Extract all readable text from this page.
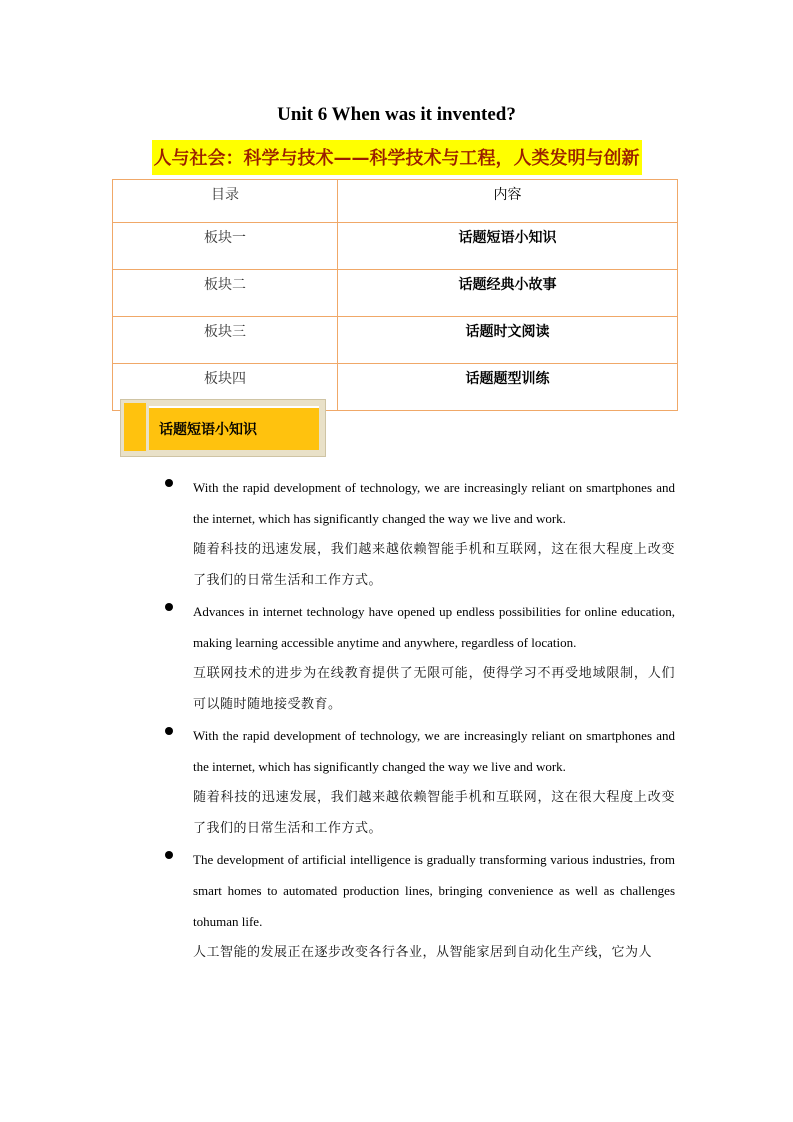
Unit 6 When was it invented?
人与社会：科学与技术——科学技术与工程，人类发明与创新
目录	内容
板块一	话题短语小知识
板块二	话题经典小故事
板块三	话题时文阅读
板块四	话题题型训练
话题短语小知识
With the rapid development of technology, we are increasingly reliant on smartphones and the internet, which has significantly changed the way we live and work.
随着科技的迅速发展，我们越来越依赖智能手机和互联网，这在很大程度上改变了我们的日常生活和工作方式。
Advances in internet technology have opened up endless possibilities for online education, making learning accessible anytime and anywhere, regardless of location.
互联网技术的进步为在线教育提供了无限可能，使得学习不再受地域限制，人们可以随时随地接受教育。
With the rapid development of technology, we are increasingly reliant on smartphones and the internet, which has significantly changed the way we live and work.
随着科技的迅速发展，我们越来越依赖智能手机和互联网，这在很大程度上改变了我们的日常生活和工作方式。
The development of artificial intelligence is gradually transforming various industries, from smart homes to automated production lines, bringing convenience as well as challenges tohuman life.
人工智能的发展正在逐步改变各行各业，从智能家居到自动化生产线，它为人
